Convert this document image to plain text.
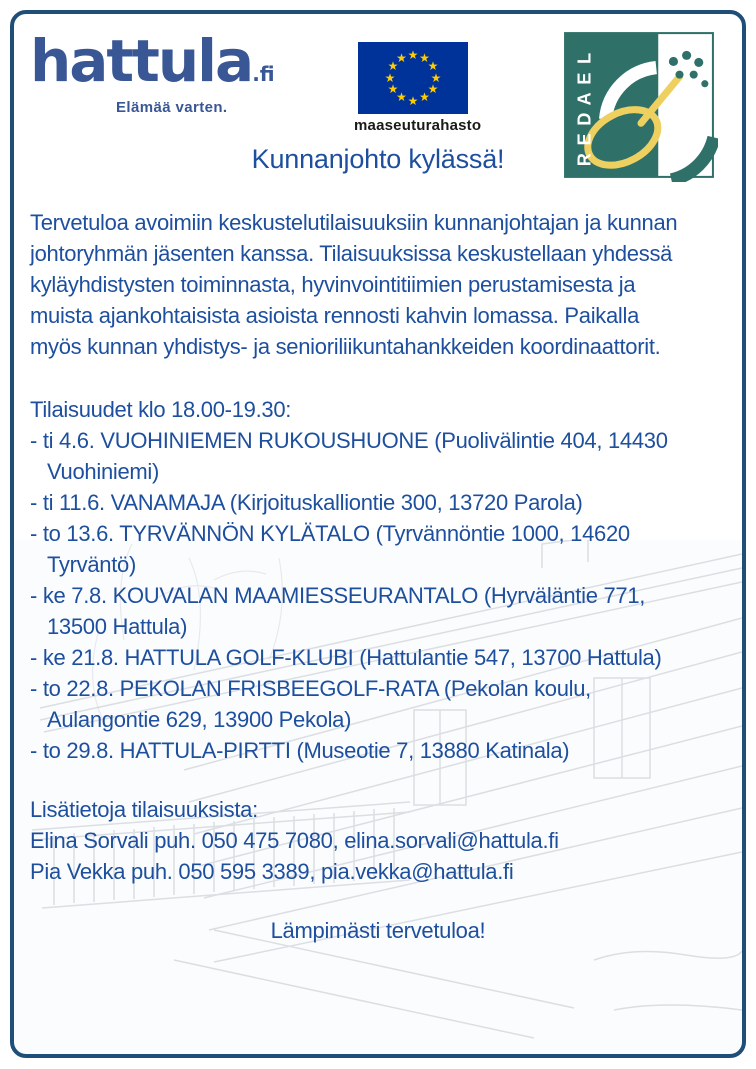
hattula.fi
Elämää varten.
★ ★
★
★
★
★
★
★
★
★
★
★
maaseuturahasto
L
E
A
D
E
R
Kunnanjohto kylässä!
Tervetuloa avoimiin keskustelutilaisuuksiin kunnanjohtajan ja kunnan
johtoryhmän jäsenten kanssa. Tilaisuuksissa keskustellaan yhdessä
kyläyhdistysten toiminnasta, hyvinvointitiimien perustamisesta ja
muista ajankohtaisista asioista rennosti kahvin lomassa. Paikalla
myös kunnan yhdistys- ja senioriliikuntahankkeiden koordinaattorit.
Tilaisuudet klo 18.00-19.30:
- ti 4.6. VUOHINIEMEN RUKOUSHUONE (Puolivälintie 404, 14430
Vuohiniemi)
- ti 11.6. VANAMAJA (Kirjoituskalliontie 300, 13720 Parola)
- to 13.6. TYRVÄNNÖN KYLÄTALO (Tyrvännöntie 1000, 14620
Tyrväntö)
- ke 7.8. KOUVALAN MAAMIESSEURANTALO (Hyrväläntie 771,
13500 Hattula)
- ke 21.8. HATTULA GOLF-KLUBI (Hattulantie 547, 13700 Hattula)
- to 22.8. PEKOLAN FRISBEEGOLF-RATA (Pekolan koulu,
Aulangontie 629, 13900 Pekola)
- to 29.8. HATTULA-PIRTTI (Museotie 7, 13880 Katinala)
Lisätietoja tilaisuuksista:
Elina Sorvali puh. 050 475 7080, elina.sorvali@hattula.fi
Pia Vekka puh. 050 595 3389, pia.vekka@hattula.fi
Lämpimästi tervetuloa!
